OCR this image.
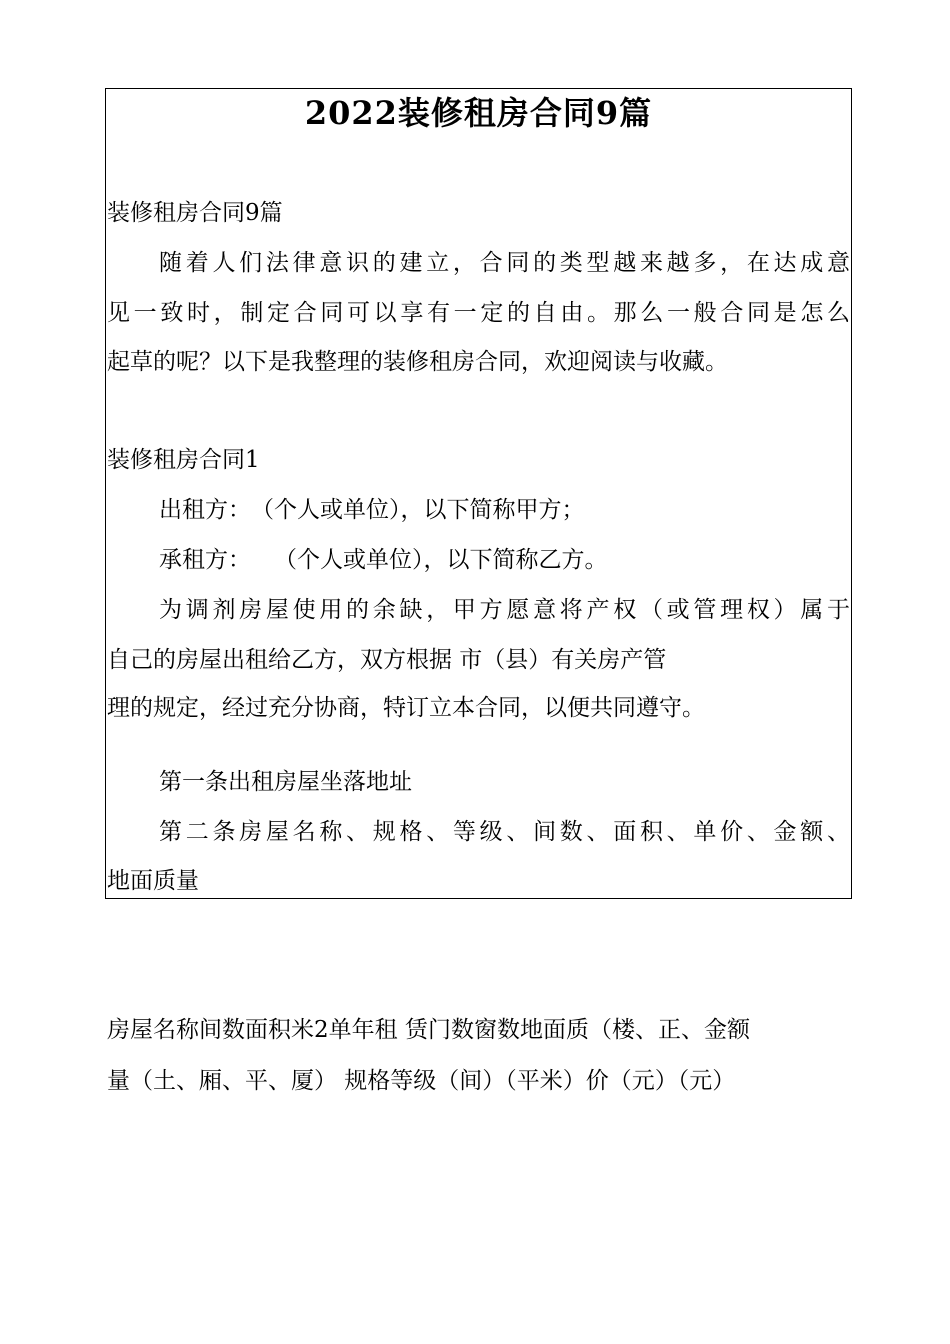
2022装修租房合同9篇
装修租房合同9篇
随着人们法律意识的建立，合同的类型越来越多，在达成意
见一致时，制定合同可以享有一定的自由。那么一般合同是怎么
起草的呢？以下是我整理的装修租房合同，欢迎阅读与收藏。
装修租房合同1
出租方：　（个人或单位），以下简称甲方；
承租方：　　（个人或单位），以下简称乙方。
为调剂房屋使用的余缺，甲方愿意将产权（或管理权）属于
自己的房屋出租给乙方，双方根据 市（县）有关房产管
理的规定，经过充分协商，特订立本合同，以便共同遵守。
第一条出租房屋坐落地址
第二条房屋名称、规格、等级、间数、面积、单价、金额、
地面质量
房屋名称间数面积米2单年租 赁门数窗数地面质（楼、正、金额
量（土、厢、平、厦） 规格等级（间）（平米）价（元）（元）
